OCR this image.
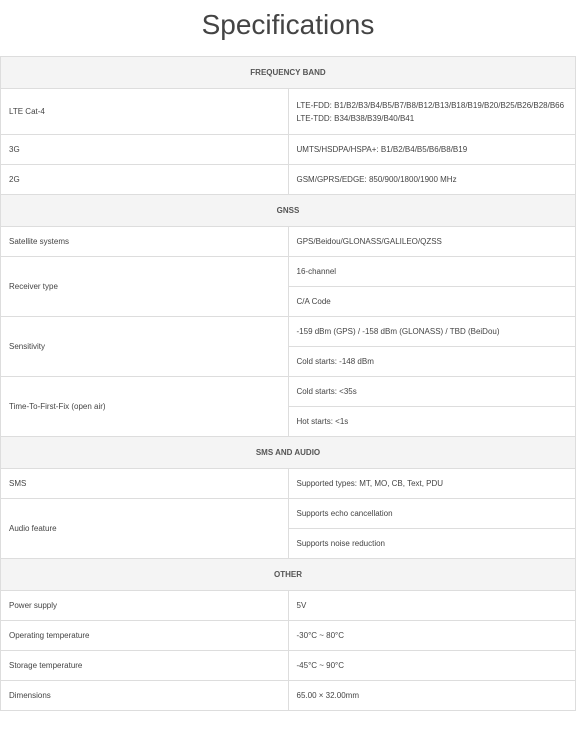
Specifications
FREQUENCY BAND	
LTE Cat-4	LTE-FDD: B1/B2/B3/B4/B5/B7/B8/B12/B13/B18/B19/B20/B25/B26/B28/B66
LTE-TDD: B34/B38/B39/B40/B41

3G	UMTS/HSDPA/HSPA+: B1/B2/B4/B5/B6/B8/B19
2G	GSM/GPRS/EDGE: 850/900/1800/1900 MHz
GNSS	
Satellite systems	GPS/Beidou/GLONASS/GALILEO/QZSS
Receiver type	16-channel
	C/A Code
Sensitivity	-159 dBm (GPS) / -158 dBm (GLONASS) / TBD (BeiDou)
	Cold starts: -148 dBm
Time-To-First-Fix (open air)	Cold starts: <35s
	Hot starts: <1s
SMS AND AUDIO	
SMS	Supported types: MT, MO, CB, Text, PDU
Audio feature	Supports echo cancellation
	Supports noise reduction
OTHER	
Power supply	5V
Operating temperature	-30°C ~ 80°C
Storage temperature	-45°C ~ 90°C
Dimensions	65.00 × 32.00mm
